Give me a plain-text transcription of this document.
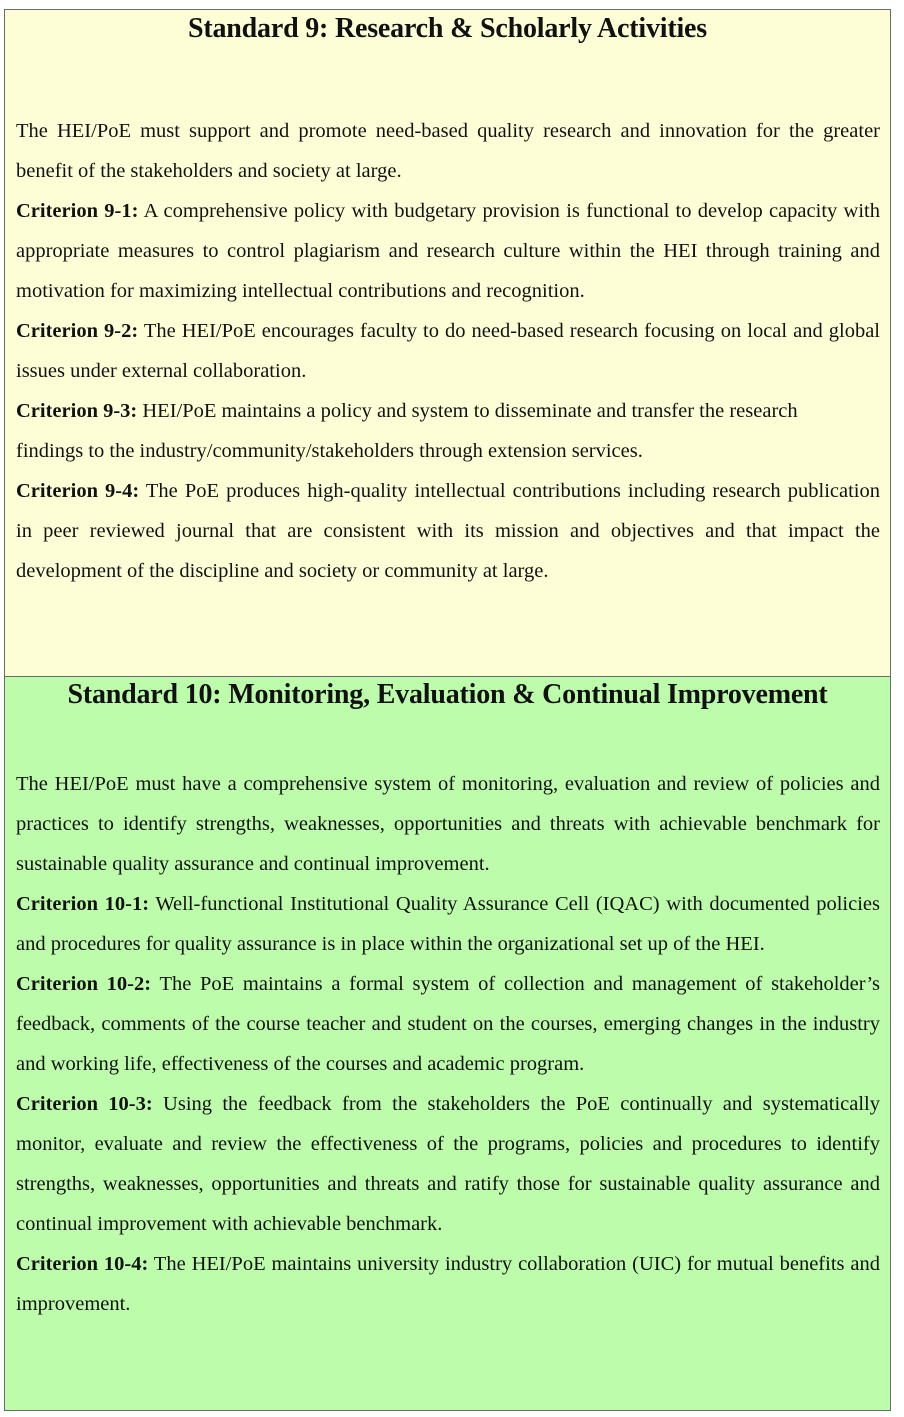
Standard 9: Research & Scholarly Activities

The HEI/PoE must support and promote need-based quality research and innovation for the greater benefit of the stakeholders and society at large.

Criterion 9-1: A comprehensive policy with budgetary provision is functional to develop capacity with appropriate measures to control plagiarism and research culture within the HEI through training and motivation for maximizing intellectual contributions and recognition.

Criterion 9-2: The HEI/PoE encourages faculty to do need-based research focusing on local and global issues under external collaboration.

Criterion 9-3: HEI/PoE maintains a policy and system to disseminate and transfer the research

findings to the industry/community/stakeholders through extension services.

Criterion 9-4: The PoE produces high-quality intellectual contributions including research publication in peer reviewed journal that are consistent with its mission and objectives and that impact the development of the discipline and society or community at large.

Standard 10: Monitoring, Evaluation & Continual Improvement

The HEI/PoE must have a comprehensive system of monitoring, evaluation and review of policies and practices to identify strengths, weaknesses, opportunities and threats with achievable benchmark for sustainable quality assurance and continual improvement.

Criterion 10-1: Well-functional Institutional Quality Assurance Cell (IQAC) with documented policies and procedures for quality assurance is in place within the organizational set up of the HEI.

Criterion 10-2: The PoE maintains a formal system of collection and management of stakeholder’s feedback, comments of the course teacher and student on the courses, emerging changes in the industry and working life, effectiveness of the courses and academic program.

Criterion 10-3: Using the feedback from the stakeholders the PoE continually and systematically monitor, evaluate and review the effectiveness of the programs, policies and procedures to identify strengths, weaknesses, opportunities and threats and ratify those for sustainable quality assurance and continual improvement with achievable benchmark.

Criterion 10-4: The HEI/PoE maintains university industry collaboration (UIC) for mutual benefits and improvement.
